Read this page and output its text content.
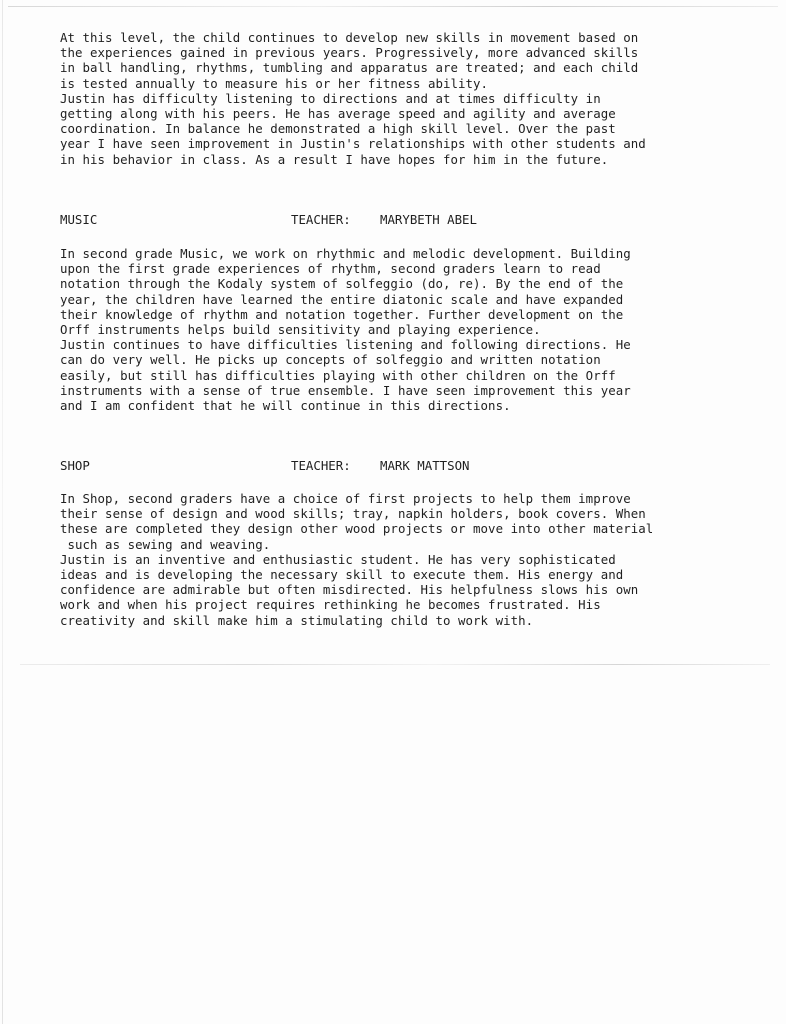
At this level, the child continues to develop new skills in movement based on
the experiences gained in previous years. Progressively, more advanced skills
in ball handling, rhythms, tumbling and apparatus are treated; and each child
is tested annually to measure his or her fitness ability.
Justin has difficulty listening to directions and at times difficulty in
getting along with his peers. He has average speed and agility and average
coordination. In balance he demonstrated a high skill level. Over the past
year I have seen improvement in Justin's relationships with other students and
in his behavior in class. As a result I have hopes for him in the future.

MUSIC	TEACHER: MARYBETH ABEL

In second grade Music, we work on rhythmic and melodic development. Building
upon the first grade experiences of rhythm, second graders learn to read
notation through the Kodaly system of solfeggio (do, re). By the end of the
year, the children have learned the entire diatonic scale and have expanded
their knowledge of rhythm and notation together. Further development on the
Orff instruments helps build sensitivity and playing experience.
Justin continues to have difficulties listening and following directions. He
can do very well. He picks up concepts of solfeggio and written notation
easily, but still has difficulties playing with other children on the Orff
instruments with a sense of true ensemble. I have seen improvement this year
and I am confident that he will continue in this directions.

SHOP	TEACHER: MARK MATTSON

In Shop, second graders have a choice of first projects to help them improve
their sense of design and wood skills; tray, napkin holders, book covers. When
these are completed they design other wood projects or move into other material
such as sewing and weaving.
Justin is an inventive and enthusiastic student. He has very sophisticated
ideas and is developing the necessary skill to execute them. His energy and
confidence are admirable but often misdirected. His helpfulness slows his own
work and when his project requires rethinking he becomes frustrated. His
creativity and skill make him a stimulating child to work with.
